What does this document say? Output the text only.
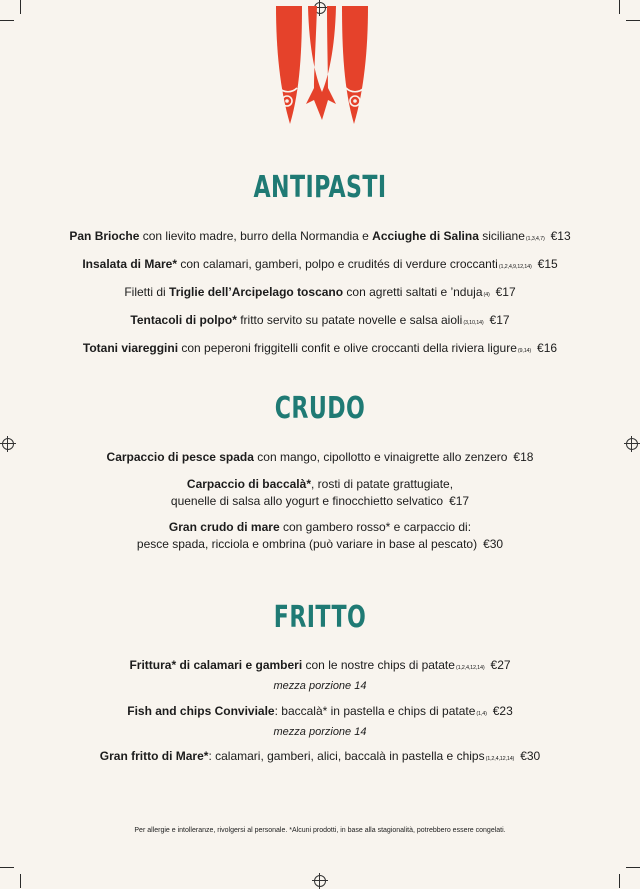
ANTIPASTI
Pan Brioche con lievito madre, burro della Normandia e Acciughe di Salina siciliane(1,3,4,7) €13
Insalata di Mare* con calamari, gamberi, polpo e crudités di verdure croccanti(1,2,4,9,12,14) €15
Filetti di Triglie dell’Arcipelago toscano con agretti saltati e ’nduja(4) €17
Tentacoli di polpo* fritto servito su patate novelle e salsa aioli(3,10,14) €17
Totani viareggini con peperoni friggitelli confit e olive croccanti della riviera ligure(9,14) €16
CRUDO
Carpaccio di pesce spada con mango, cipollotto e vinaigrette allo zenzero €18
Carpaccio di baccalà*, rosti di patate grattugiate,
quenelle di salsa allo yogurt e finocchietto selvatico €17
Gran crudo di mare con gambero rosso* e carpaccio di:
pesce spada, ricciola e ombrina (può variare in base al pescato) €30
FRITTO
Frittura* di calamari e gamberi con le nostre chips di patate(1,2,4,12,14) €27
mezza porzione 14
Fish and chips Conviviale: baccalà* in pastella e chips di patate(1,4) €23
mezza porzione 14
Gran fritto di Mare*: calamari, gamberi, alici, baccalà in pastella e chips(1,2,4,12,14) €30
Per allergie e intolleranze, rivolgersi al personale. *Alcuni prodotti, in base alla stagionalità, potrebbero essere congelati.
